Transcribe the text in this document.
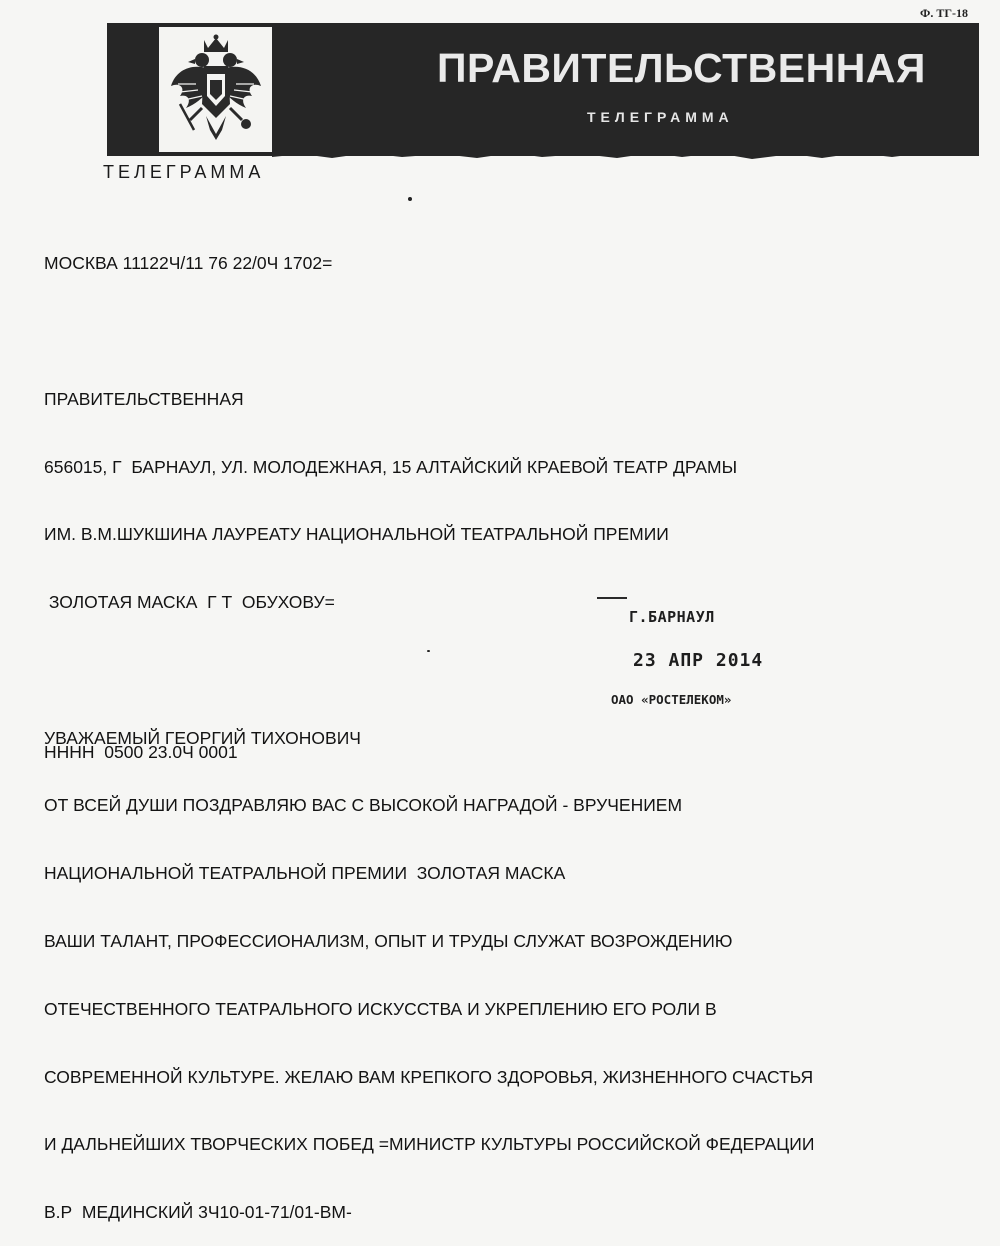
Ф. ТГ-18
ПРАВИТЕЛЬСТВЕННАЯ
ТЕЛЕГРАММА
ТЕЛЕГРАММА

МОСКВА 11122Ч/11 76 22/0Ч 1702=

ПРАВИТЕЛЬСТВЕННАЯ

656015, Г  БАРНАУЛ, УЛ. МОЛОДЕЖНАЯ, 15 АЛТАЙСКИЙ КРАЕВОЙ ТЕАТР ДРАМЫ

ИМ. В.М.ШУКШИНА ЛАУРЕАТУ НАЦИОНАЛЬНОЙ ТЕАТРАЛЬНОЙ ПРЕМИИ

ЗОЛОТАЯ МАСКА  Г Т  ОБУХОВУ=

УВАЖАЕМЫЙ ГЕОРГИЙ ТИХОНОВИЧ

ОТ ВСЕЙ ДУШИ ПОЗДРАВЛЯЮ ВАС С ВЫСОКОЙ НАГРАДОЙ - ВРУЧЕНИЕМ

НАЦИОНАЛЬНОЙ ТЕАТРАЛЬНОЙ ПРЕМИИ  ЗОЛОТАЯ МАСКА

ВАШИ ТАЛАНТ, ПРОФЕССИОНАЛИЗМ, ОПЫТ И ТРУДЫ СЛУЖАТ ВОЗРОЖДЕНИЮ

ОТЕЧЕСТВЕННОГО ТЕАТРАЛЬНОГО ИСКУССТВА И УКРЕПЛЕНИЮ ЕГО РОЛИ В

СОВРЕМЕННОЙ КУЛЬТУРЕ. ЖЕЛАЮ ВАМ КРЕПКОГО ЗДОРОВЬЯ, ЖИЗНЕННОГО СЧАСТЬЯ

И ДАЛЬНЕЙШИХ ТВОРЧЕСКИХ ПОБЕД =МИНИСТР КУЛЬТУРЫ РОССИЙСКОЙ ФЕДЕРАЦИИ

В.Р  МЕДИНСКИЙ 3Ч10-01-71/01-ВМ-

Г.БАРНАУЛ
23 АПР 2014
ОАО «РОСТЕЛЕКОМ»
НННН  0500 23.0Ч 0001
